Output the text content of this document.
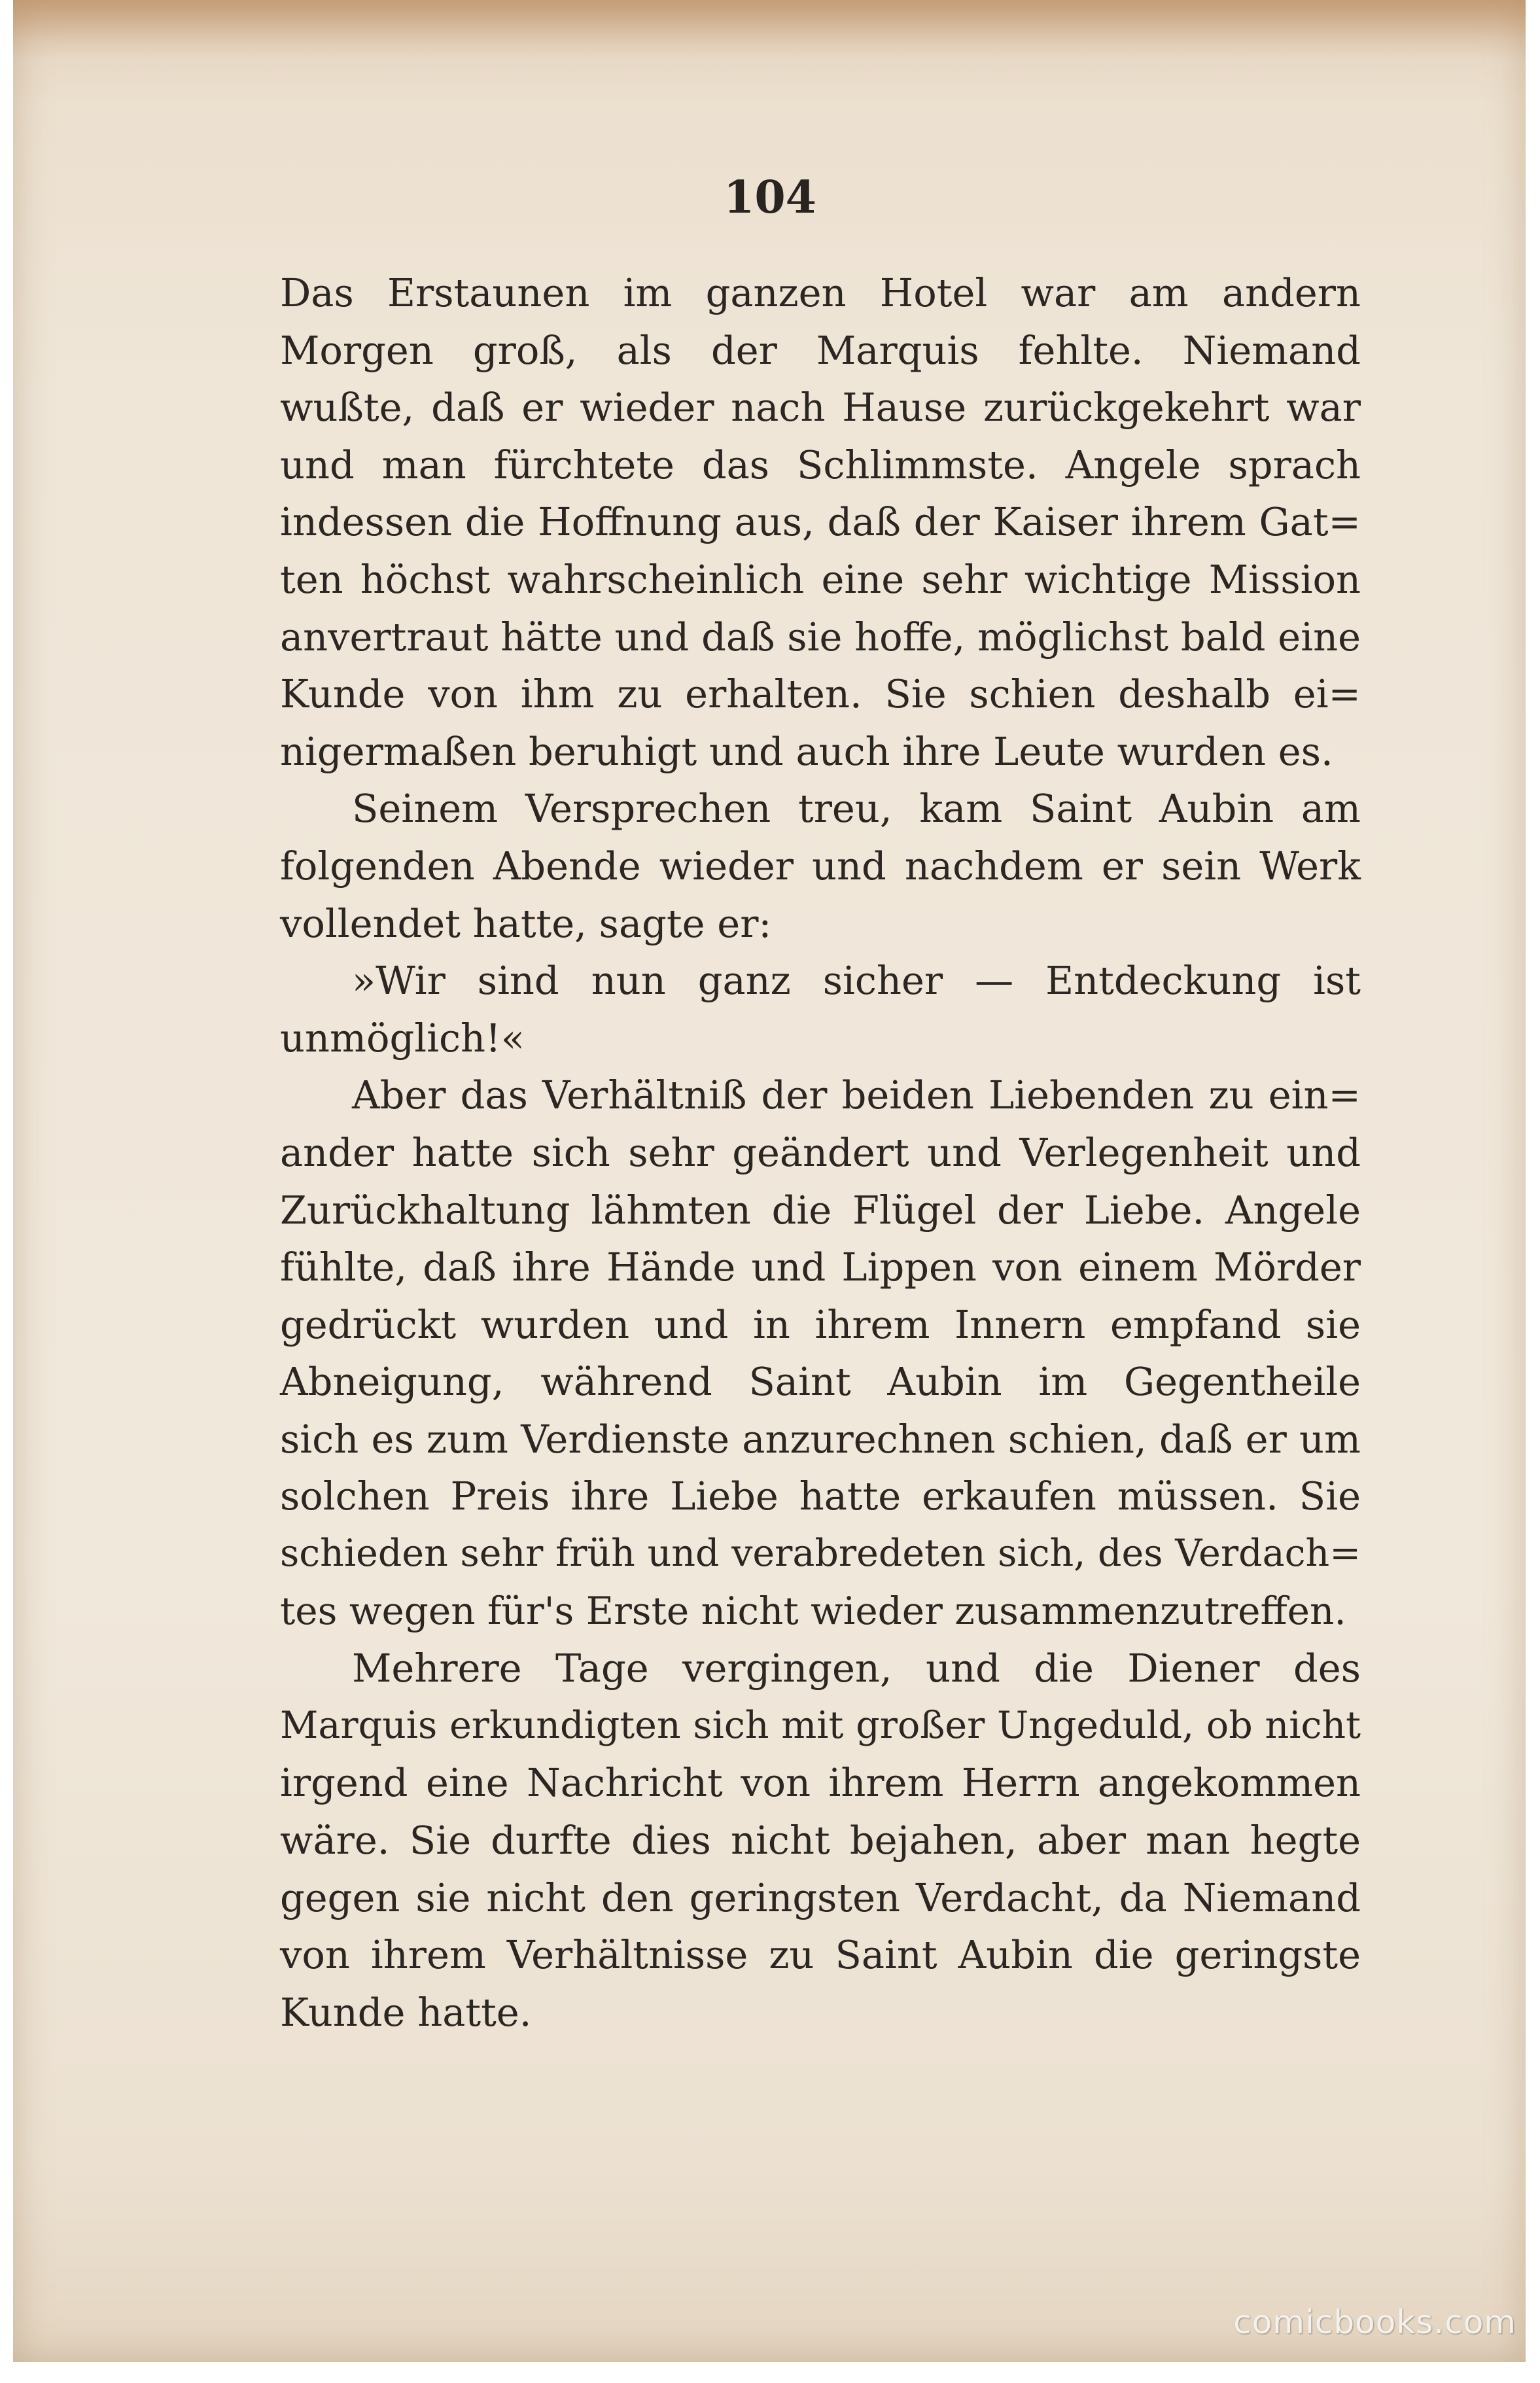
104
Das Erstaunen im ganzen Hotel war am andern
Morgen groß, als der Marquis fehlte. Niemand
wußte, daß er wieder nach Hause zurückgekehrt war
und man fürchtete das Schlimmste. Angele sprach
indessen die Hoffnung aus, daß der Kaiser ihrem Gat=
ten höchst wahrscheinlich eine sehr wichtige Mission
anvertraut hätte und daß sie hoffe, möglichst bald eine
Kunde von ihm zu erhalten. Sie schien deshalb ei=
nigermaßen beruhigt und auch ihre Leute wurden es.
Seinem Versprechen treu, kam Saint Aubin am
folgenden Abende wieder und nachdem er sein Werk
vollendet hatte, sagte er:
»Wir sind nun ganz sicher — Entdeckung ist
unmöglich!«
Aber das Verhältniß der beiden Liebenden zu ein=
ander hatte sich sehr geändert und Verlegenheit und
Zurückhaltung lähmten die Flügel der Liebe. Angele
fühlte, daß ihre Hände und Lippen von einem Mörder
gedrückt wurden und in ihrem Innern empfand sie
Abneigung, während Saint Aubin im Gegentheile
sich es zum Verdienste anzurechnen schien, daß er um
solchen Preis ihre Liebe hatte erkaufen müssen. Sie
schieden sehr früh und verabredeten sich, des Verdach=
tes wegen für's Erste nicht wieder zusammenzutreffen.
Mehrere Tage vergingen, und die Diener des
Marquis erkundigten sich mit großer Ungeduld, ob nicht
irgend eine Nachricht von ihrem Herrn angekommen
wäre. Sie durfte dies nicht bejahen, aber man hegte
gegen sie nicht den geringsten Verdacht, da Niemand
von ihrem Verhältnisse zu Saint Aubin die geringste
Kunde hatte.
comicbooks.com
